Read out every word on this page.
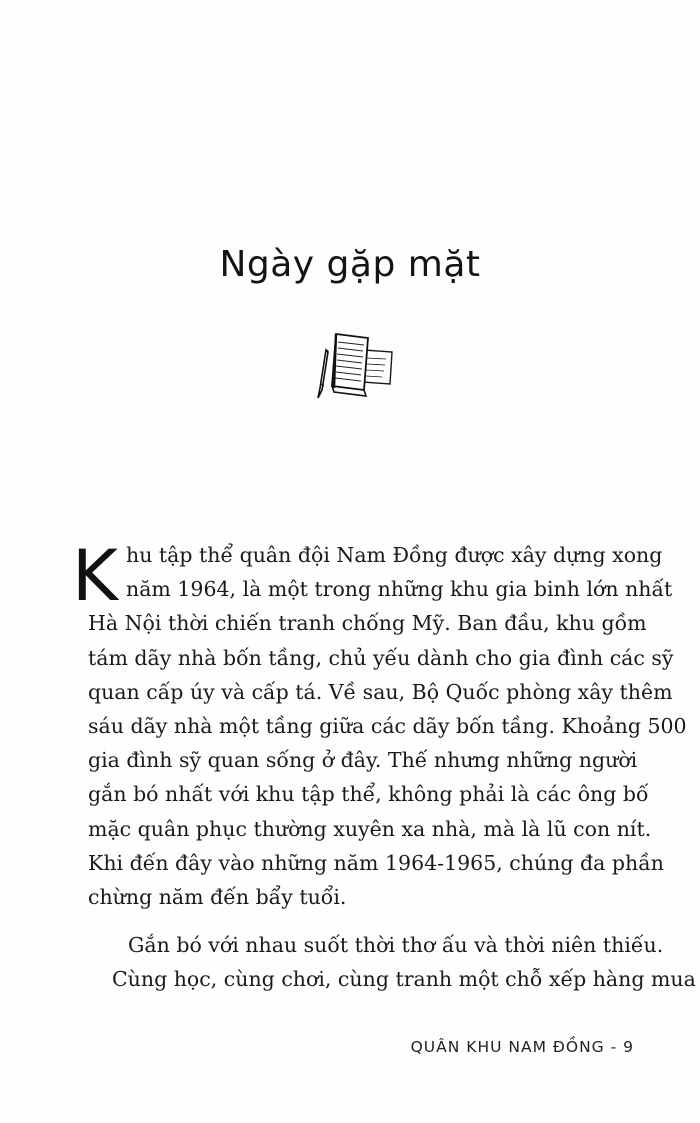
Ngày gặp mặt
K hu tập thể quân đội Nam Đồng được xây dựng xong
năm 1964, là một trong những khu gia binh lớn nhất
Hà Nội thời chiến tranh chống Mỹ. Ban đầu, khu gồm
tám dãy nhà bốn tầng, chủ yếu dành cho gia đình các sỹ
quan cấp úy và cấp tá. Về sau, Bộ Quốc phòng xây thêm
sáu dãy nhà một tầng giữa các dãy bốn tầng. Khoảng 500
gia đình sỹ quan sống ở đây. Thế nhưng những người
gắn bó nhất với khu tập thể, không phải là các ông bố
mặc quân phục thường xuyên xa nhà, mà là lũ con nít.
Khi đến đây vào những năm 1964-1965, chúng đa phần
chừng năm đến bẩy tuổi.

Gắn bó với nhau suốt thời thơ ấu và thời niên thiếu.
Cùng học, cùng chơi, cùng tranh một chỗ xếp hàng mua

QUÂN KHU NAM ĐỒNG - 9
